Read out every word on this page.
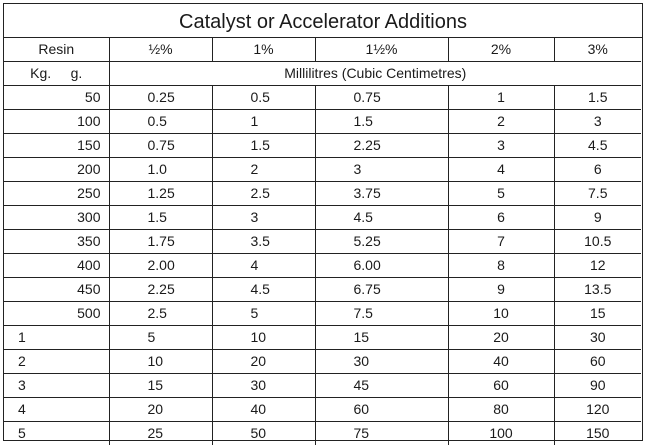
Catalyst or Accelerator Additions
Resin	½%	1%	1½%	2%	3%
Kg. g.	Millilitres (Cubic Centimetres)				
50	0.25	0.5	0.75	1	1.5
100	0.5	1	1.5	2	3
150	0.75	1.5	2.25	3	4.5
200	1.0	2	3	4	6
250	1.25	2.5	3.75	5	7.5
300	1.5	3	4.5	6	9
350	1.75	3.5	5.25	7	10.5
400	2.00	4	6.00	8	12
450	2.25	4.5	6.75	9	13.5
500	2.5	5	7.5	10	15
1	5	10	15	20	30
2	10	20	30	40	60
3	15	30	45	60	90
4	20	40	60	80	120
5	25	50	75	100	150
